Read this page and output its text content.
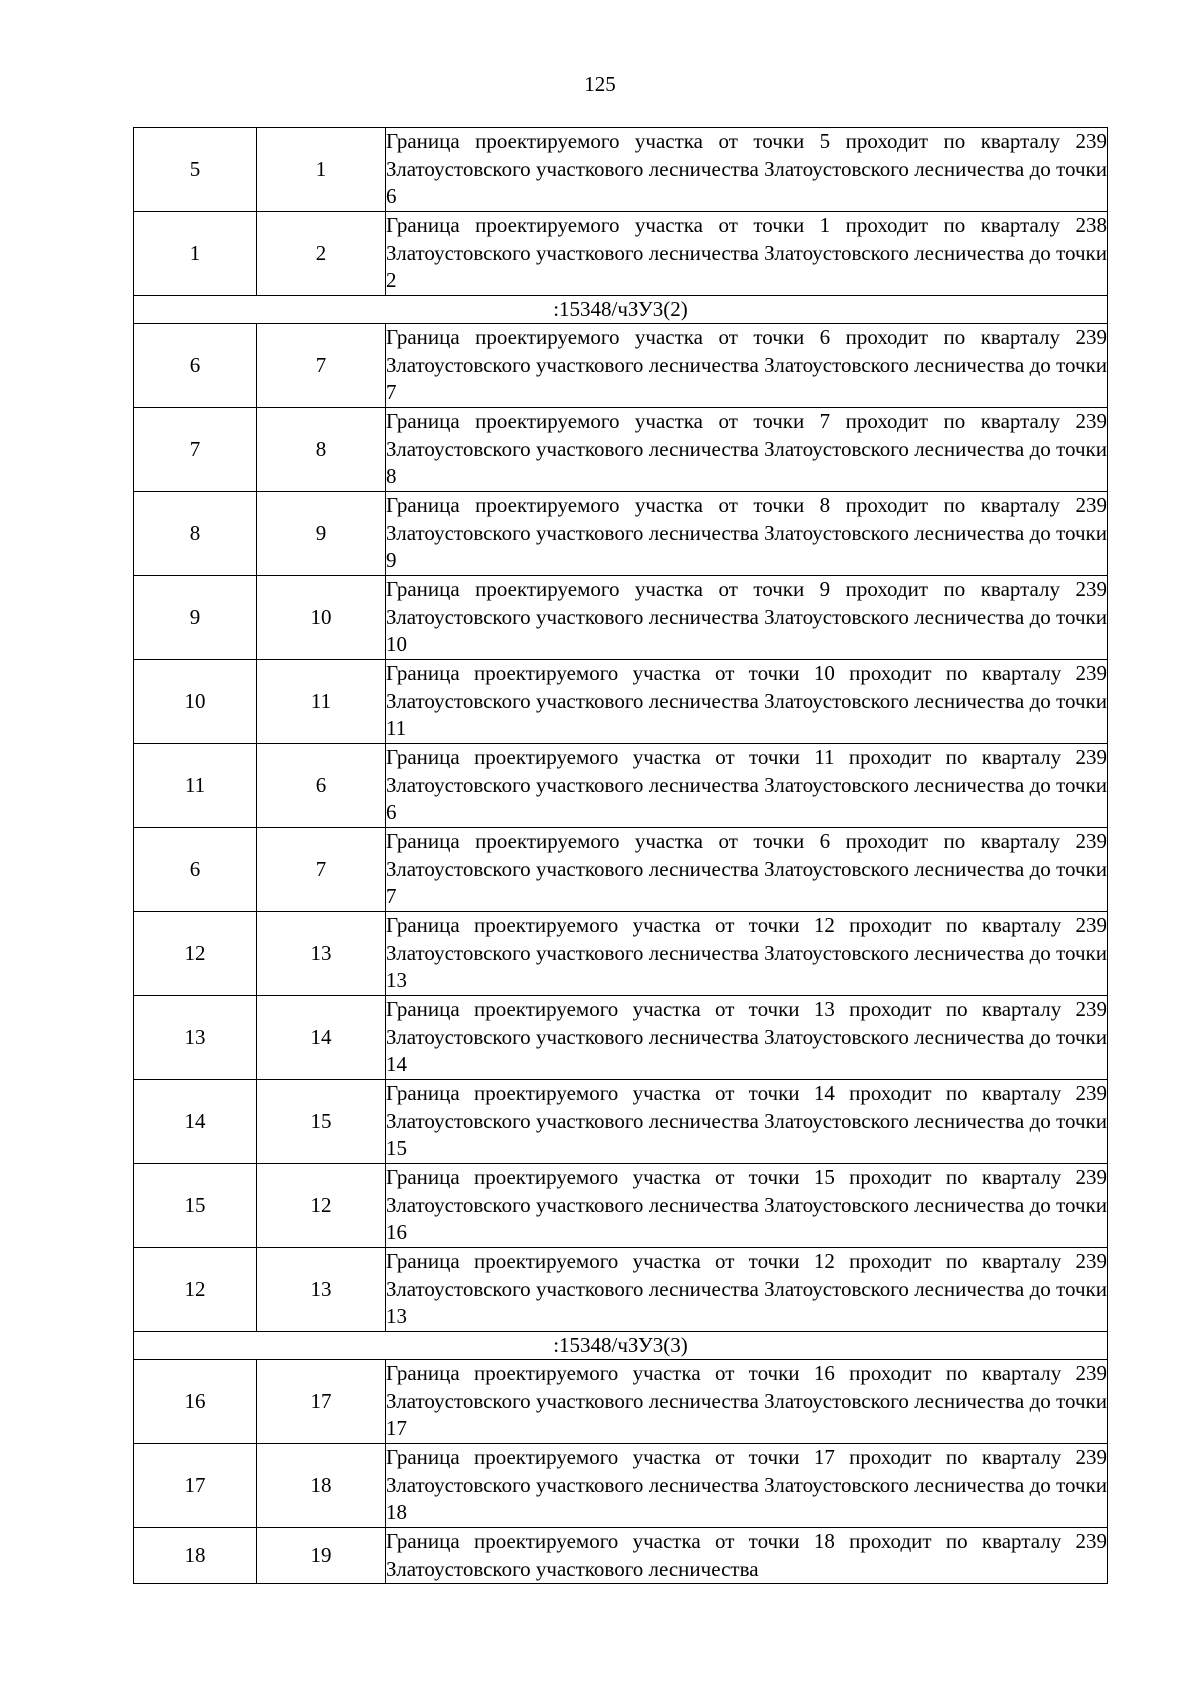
125
5	1	Граница проектируемого участка от точки 5 проходит по кварталу 239 Златоустовского участкового лесничества Златоустовского лесничества до точки 6
1	2	Граница проектируемого участка от точки 1 проходит по кварталу 238 Златоустовского участкового лесничества Златоустовского лесничества до точки 2
:15348/чЗУ3(2)		
6	7	Граница проектируемого участка от точки 6 проходит по кварталу 239 Златоустовского участкового лесничества Златоустовского лесничества до точки 7
7	8	Граница проектируемого участка от точки 7 проходит по кварталу 239 Златоустовского участкового лесничества Златоустовского лесничества до точки 8
8	9	Граница проектируемого участка от точки 8 проходит по кварталу 239 Златоустовского участкового лесничества Златоустовского лесничества до точки 9
9	10	Граница проектируемого участка от точки 9 проходит по кварталу 239 Златоустовского участкового лесничества Златоустовского лесничества до точки 10
10	11	Граница проектируемого участка от точки 10 проходит по кварталу 239 Златоустовского участкового лесничества Златоустовского лесничества до точки 11
11	6	Граница проектируемого участка от точки 11 проходит по кварталу 239 Златоустовского участкового лесничества Златоустовского лесничества до точки 6
6	7	Граница проектируемого участка от точки 6 проходит по кварталу 239 Златоустовского участкового лесничества Златоустовского лесничества до точки 7
12	13	Граница проектируемого участка от точки 12 проходит по кварталу 239 Златоустовского участкового лесничества Златоустовского лесничества до точки 13
13	14	Граница проектируемого участка от точки 13 проходит по кварталу 239 Златоустовского участкового лесничества Златоустовского лесничества до точки 14
14	15	Граница проектируемого участка от точки 14 проходит по кварталу 239 Златоустовского участкового лесничества Златоустовского лесничества до точки 15
15	12	Граница проектируемого участка от точки 15 проходит по кварталу 239 Златоустовского участкового лесничества Златоустовского лесничества до точки 16
12	13	Граница проектируемого участка от точки 12 проходит по кварталу 239 Златоустовского участкового лесничества Златоустовского лесничества до точки 13
:15348/чЗУ3(3)		
16	17	Граница проектируемого участка от точки 16 проходит по кварталу 239 Златоустовского участкового лесничества Златоустовского лесничества до точки 17
17	18	Граница проектируемого участка от точки 17 проходит по кварталу 239 Златоустовского участкового лесничества Златоустовского лесничества до точки 18
18	19	Граница проектируемого участка от точки 18 проходит по кварталу 239 Златоустовского участкового лесничества
